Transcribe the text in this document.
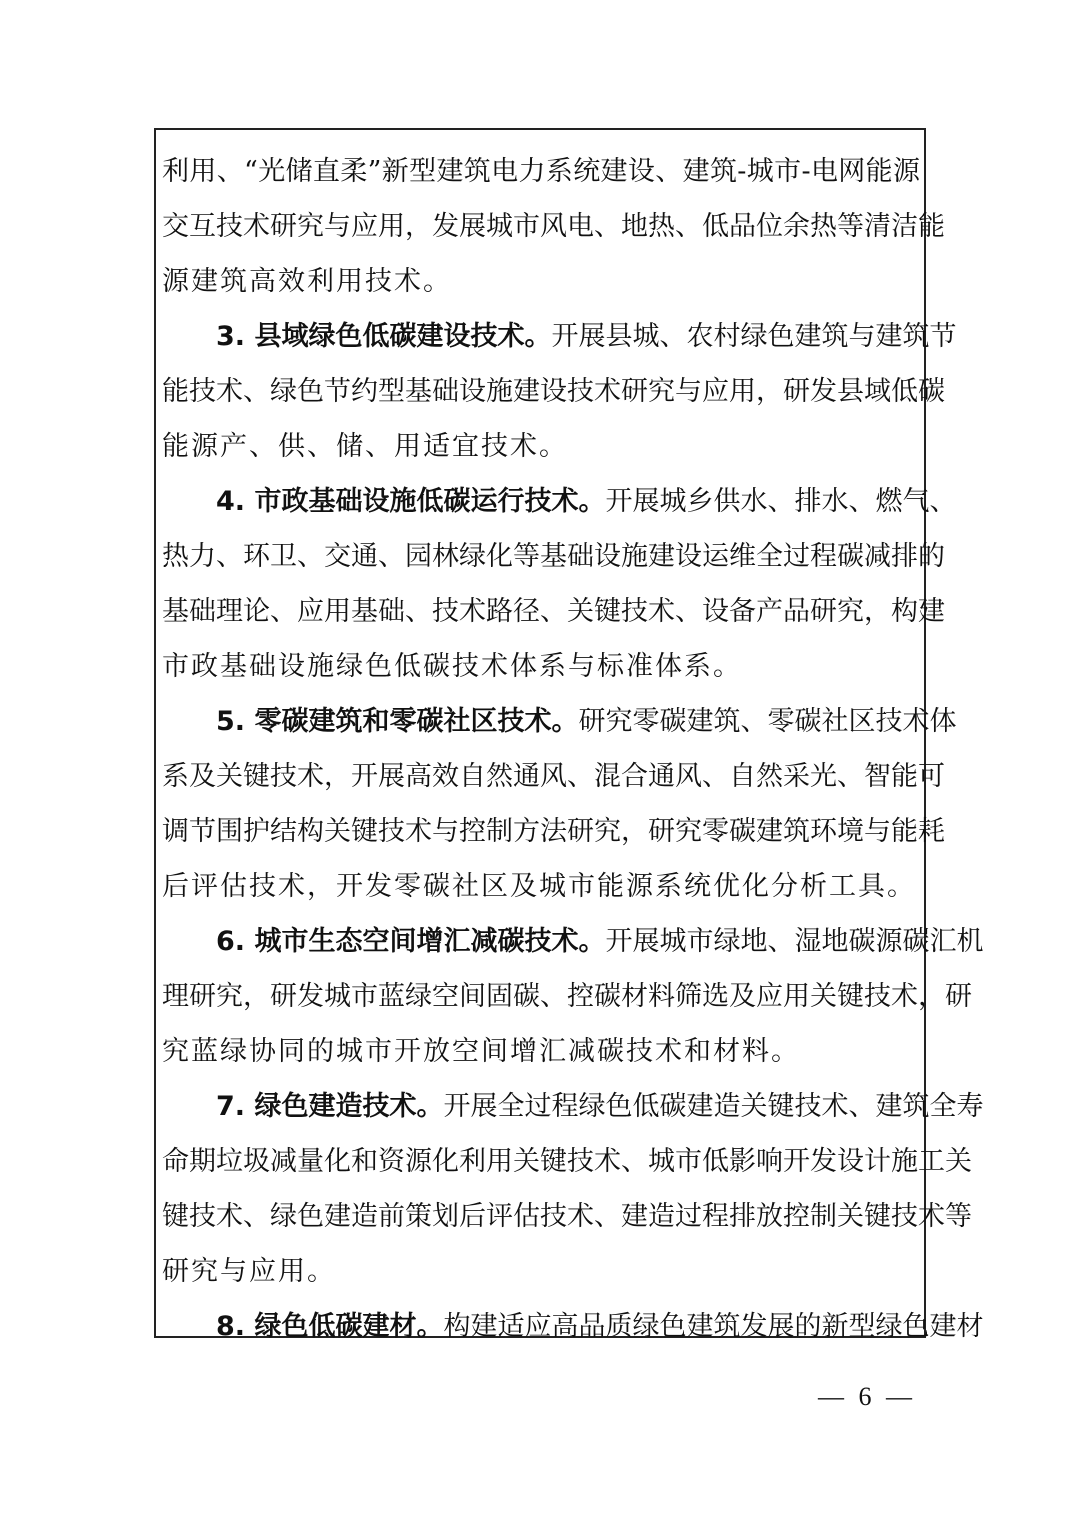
利用、“光储直柔”新型建筑电力系统建设、建筑-城市-电网能源
交互技术研究与应用，发展城市风电、地热、低品位余热等清洁能
源建筑高效利用技术。
3. 县域绿色低碳建设技术。开展县城、农村绿色建筑与建筑节
能技术、绿色节约型基础设施建设技术研究与应用，研发县域低碳
能源产、供、储、用适宜技术。
4. 市政基础设施低碳运行技术。开展城乡供水、排水、燃气、
热力、环卫、交通、园林绿化等基础设施建设运维全过程碳减排的
基础理论、应用基础、技术路径、关键技术、设备产品研究，构建
市政基础设施绿色低碳技术体系与标准体系。
5. 零碳建筑和零碳社区技术。研究零碳建筑、零碳社区技术体
系及关键技术，开展高效自然通风、混合通风、自然采光、智能可
调节围护结构关键技术与控制方法研究，研究零碳建筑环境与能耗
后评估技术，开发零碳社区及城市能源系统优化分析工具。
6. 城市生态空间增汇减碳技术。开展城市绿地、湿地碳源碳汇机
理研究，研发城市蓝绿空间固碳、控碳材料筛选及应用关键技术，研
究蓝绿协同的城市开放空间增汇减碳技术和材料。
7. 绿色建造技术。开展全过程绿色低碳建造关键技术、建筑全寿
命期垃圾减量化和资源化利用关键技术、城市低影响开发设计施工关
键技术、绿色建造前策划后评估技术、建造过程排放控制关键技术等
研究与应用。
8. 绿色低碳建材。构建适应高品质绿色建筑发展的新型绿色建材
— 6 —
